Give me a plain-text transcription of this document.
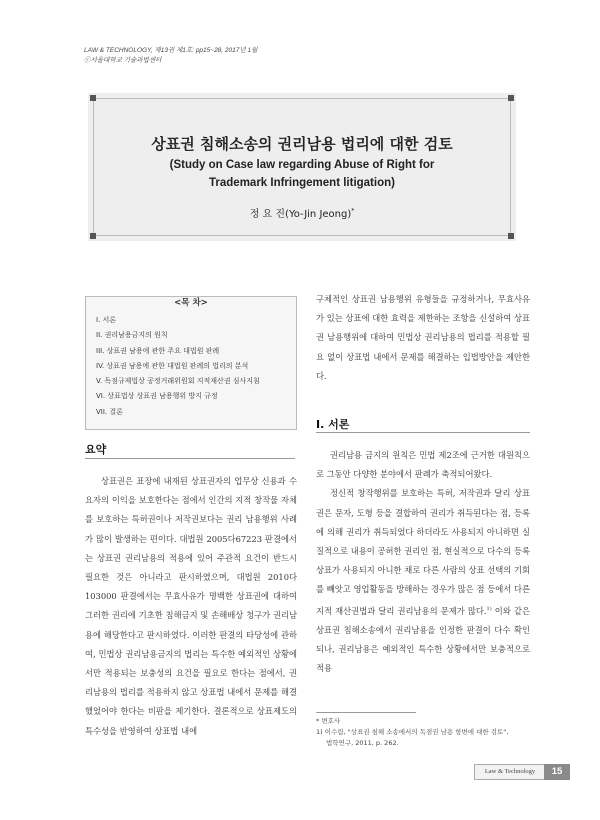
LAW & TECHNOLOGY, 제13권 제1호: pp15~28, 2017년 1월
ⓒ서울대학교 기술과법센터
상표권 침해소송의 권리남용 법리에 대한 검토
(Study on Case law regarding Abuse of Right for
Trademark Infringement litigation)
정 요 진(Yo-Jin Jeong)*
<목 차>
I. 서론
II. 권리남용금지의 원칙
III. 상표권 남용에 관한 주요 대법원 판례
IV. 상표권 남용에 관한 대법원 판례의 법리의 분석
V. 독점규제법상 공정거래위원회 지적재산권 심사지침
VI. 상표법상 상표권 남용행위 방지 규정
VII. 결론
요약
상표권은 표장에 내재된 상표권자의 업무상 신용과 수요자의 이익을 보호한다는 점에서 인간의 지적 창작물 자체를 보호하는 특허권이나 저작권보다는 권리 남용행위 사례가 많이 발생하는 편이다. 대법원 2005다67223 판결에서는 상표권 권리남용의 적용에 있어 주관적 요건이 반드시 필요한 것은 아니라고 판시하였으며, 대법원 2010다103000 판결에서는 무효사유가 명백한 상표권에 대하여 그러한 권리에 기초한 침해금지 및 손해배상 청구가 권리남용에 해당한다고 판시하였다. 이러한 판결의 타당성에 관하여, 민법상 권리남용금지의 법리는 특수한 예외적인 상황에서만 적용되는 보충성의 요건을 필요로 한다는 점에서, 권리남용의 법리를 적용하지 않고 상표법 내에서 문제를 해결했었어야 한다는 비판을 제기한다. 결론적으로 상표제도의 특수성을 반영하여 상표법 내에
구체적인 상표권 남용행위 유형들을 규정하거나, 무효사유가 있는 상표에 대한 효력을 제한하는 조항을 신설하여 상표권 남용행위에 대하여 민법상 권리남용의 법리를 적용할 필요 없이 상표법 내에서 문제를 해결하는 입법방안을 제안한다.
I. 서론

권리남용 금지의 원칙은 민법 제2조에 근거한 대원칙으로 그동안 다양한 분야에서 판례가 축적되어왔다.

정신적 창작행위를 보호하는 특허, 저작권과 달리 상표권은 문자, 도형 등을 결합하여 권리가 취득된다는 점, 등록에 의해 권리가 취득되었다 하더라도 사용되지 아니하면 실질적으로 내용이 공허한 권리인 점, 현실적으로 다수의 등록상표가 사용되지 아니한 채로 다른 사람의 상표 선택의 기회를 빼앗고 영업활동을 방해하는 경우가 많은 점 등에서 다른 지적 재산권법과 달리 권리남용의 문제가 많다.$^{1)}$ 이와 같은 상표권 침해소송에서 권리남용을 인정한 판결이 다수 확인되나, 권리남용은 예외적인 특수한 상황에서만 보충적으로 적용

* 변호사
1) 이수림, "상표권 침해 소송에서의 독점권 남용 항변에 대한 검토",
법학연구, 2011, p. 262.
Law & Technology	15
